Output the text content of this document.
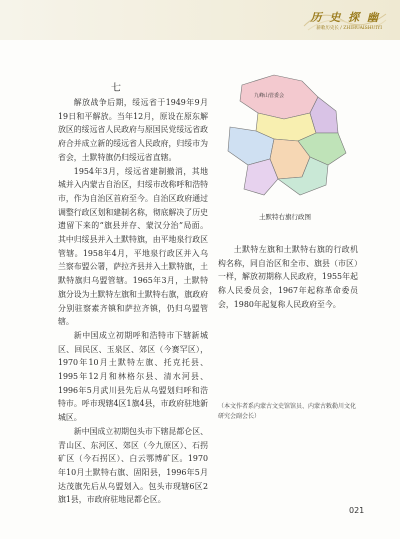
历 史 探 幽
薪歌历史长 / ZHIHUAISHUIYI
七

解放战争后期，绥远省于1949年9月19日和平解放。当年12月，原设在原东解放区的绥远省人民政府与原国民党绥远省政府合并成立新的绥远省人民政府，归绥市为省会，土默特旗仍归绥远省直辖。

1954年3月，绥远省建制撤消，其地城并入内蒙古自治区，归绥市改称呼和浩特市，作为自治区首府至今。自治区政府通过调整行政区划和建制名称，彻底解决了历史遗留下来的“旗县并存、蒙汉分治”局面。其中归绥县并入土默特旗，由平地泉行政区管辖。1958年4月，平地泉行政区并入乌兰察布盟公署，萨拉齐县并入土默特旗，土默特旗归乌盟管辖。1965年3月，土默特旗分设为土默特左旗和土默特右旗，旗政府分别驻察素齐镇和萨拉齐镇，仍归乌盟管辖。

新中国成立初期呼和浩特市下辖新城区、回民区、玉泉区、郊区（今赛罕区），1970年10月土默特左旗、托克托县、1995年12月和林格尔县、清水河县、1996年5月武川县先后从乌盟划归呼和浩特市。呼市现辖4区1旗4县，市政府驻地新城区。

新中国成立初期包头市下辖昆都仑区、青山区、东河区、郊区（今九原区）、石拐矿区（今石拐区）、白云鄂博矿区。1970年10月土默特右旗、固阳县，1996年5月达茂旗先后从乌盟划入。包头市现辖6区2旗1县，市政府驻地昆都仑区。

九峰山管委会
土默特右旗行政图

土默特左旗和土默特右旗的行政机构名称，同自治区和全市、旗县（市区）一样，解放初期称人民政府，1955年起称人民委员会，1967年起称革命委员会，1980年起复称人民政府至今。

（本文作者系内蒙古文史馆馆员、内蒙古敕勒川文化研究会副会长）
021
